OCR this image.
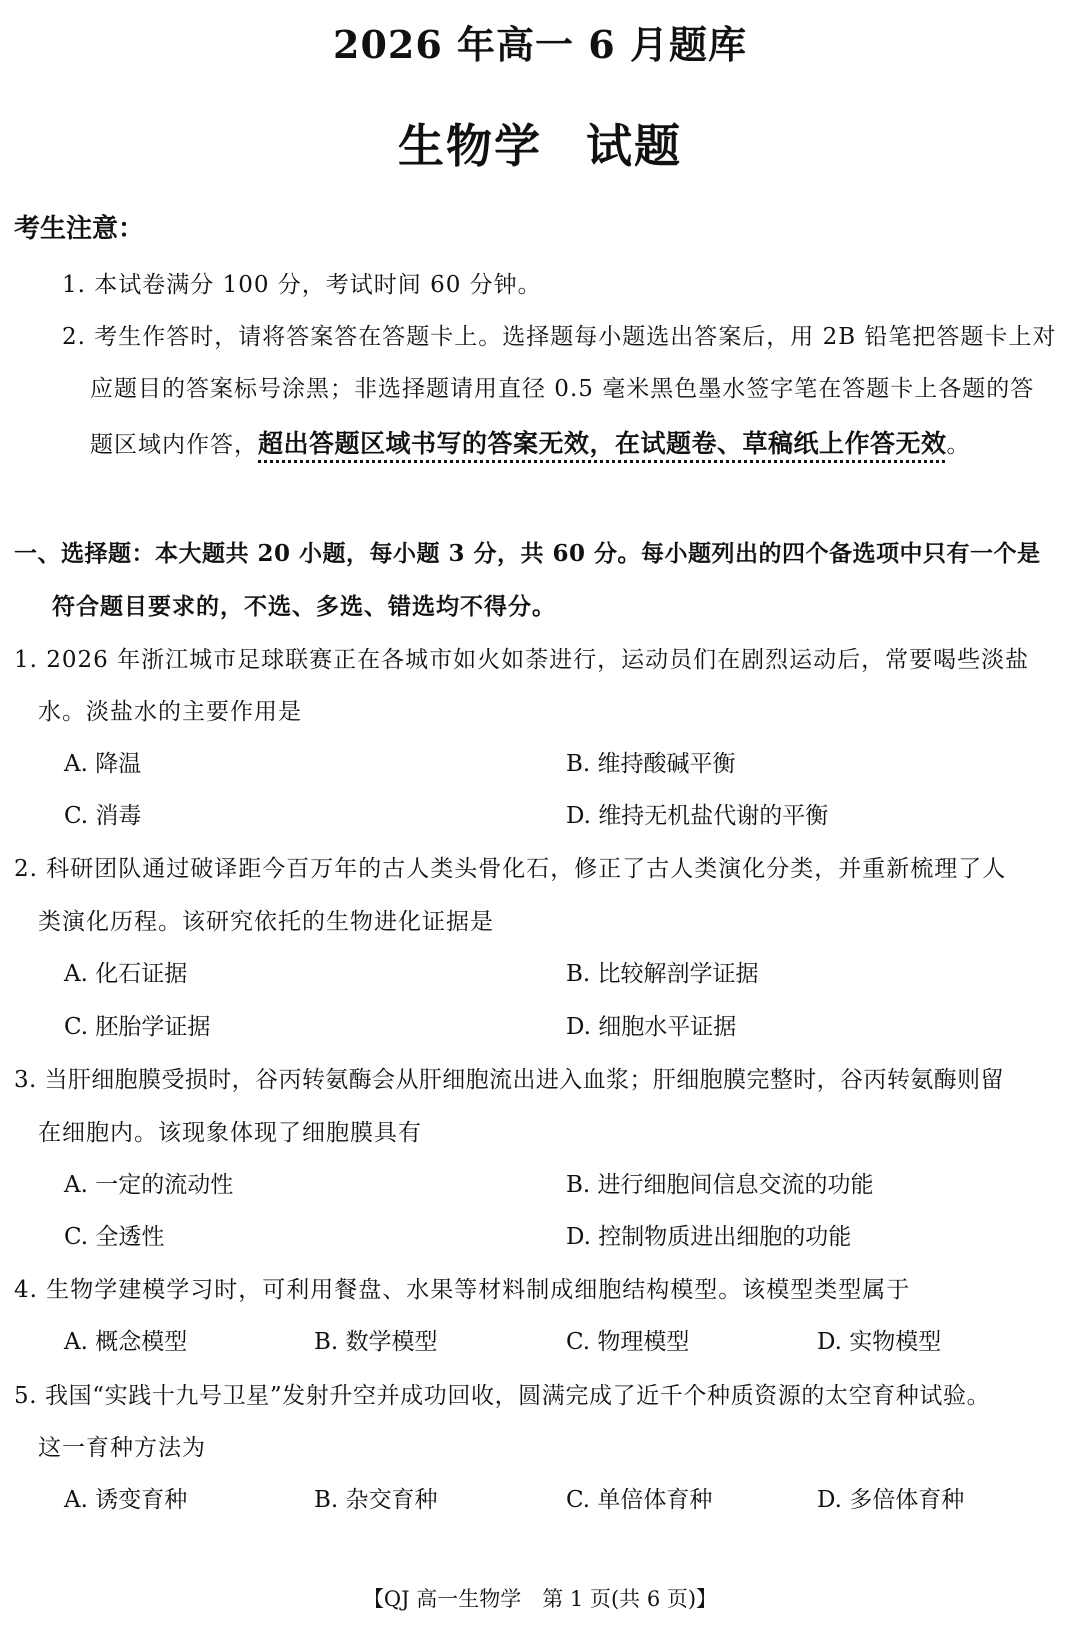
2026 年高一 6 月题库
生物学 试题
考生注意：
1. 本试卷满分 100 分，考试时间 60 分钟。
2. 考生作答时，请将答案答在答题卡上。选择题每小题选出答案后，用 2B 铅笔把答题卡上对
应题目的答案标号涂黑；非选择题请用直径 0.5 毫米黑色墨水签字笔在答题卡上各题的答
题区域内作答，超出答题区域书写的答案无效，在试题卷、草稿纸上作答无效。
一、选择题：本大题共 20 小题，每小题 3 分，共 60 分。每小题列出的四个备选项中只有一个是
符合题目要求的，不选、多选、错选均不得分。
1. 2026 年浙江城市足球联赛正在各城市如火如荼进行，运动员们在剧烈运动后，常要喝些淡盐
水。淡盐水的主要作用是
A. 降温	B. 维持酸碱平衡
C. 消毒	D. 维持无机盐代谢的平衡
2. 科研团队通过破译距今百万年的古人类头骨化石，修正了古人类演化分类，并重新梳理了人
类演化历程。该研究依托的生物进化证据是
A. 化石证据	B. 比较解剖学证据
C. 胚胎学证据	D. 细胞水平证据
3. 当肝细胞膜受损时，谷丙转氨酶会从肝细胞流出进入血浆；肝细胞膜完整时，谷丙转氨酶则留
在细胞内。该现象体现了细胞膜具有
A. 一定的流动性	B. 进行细胞间信息交流的功能
C. 全透性	D. 控制物质进出细胞的功能
4. 生物学建模学习时，可利用餐盘、水果等材料制成细胞结构模型。该模型类型属于
A. 概念模型	B. 数学模型	C. 物理模型	D. 实物模型
5. 我国“实践十九号卫星”发射升空并成功回收，圆满完成了近千个种质资源的太空育种试验。
这一育种方法为
A. 诱变育种	B. 杂交育种	C. 单倍体育种	D. 多倍体育种
【QJ 高一生物学　第 1 页(共 6 页)】
